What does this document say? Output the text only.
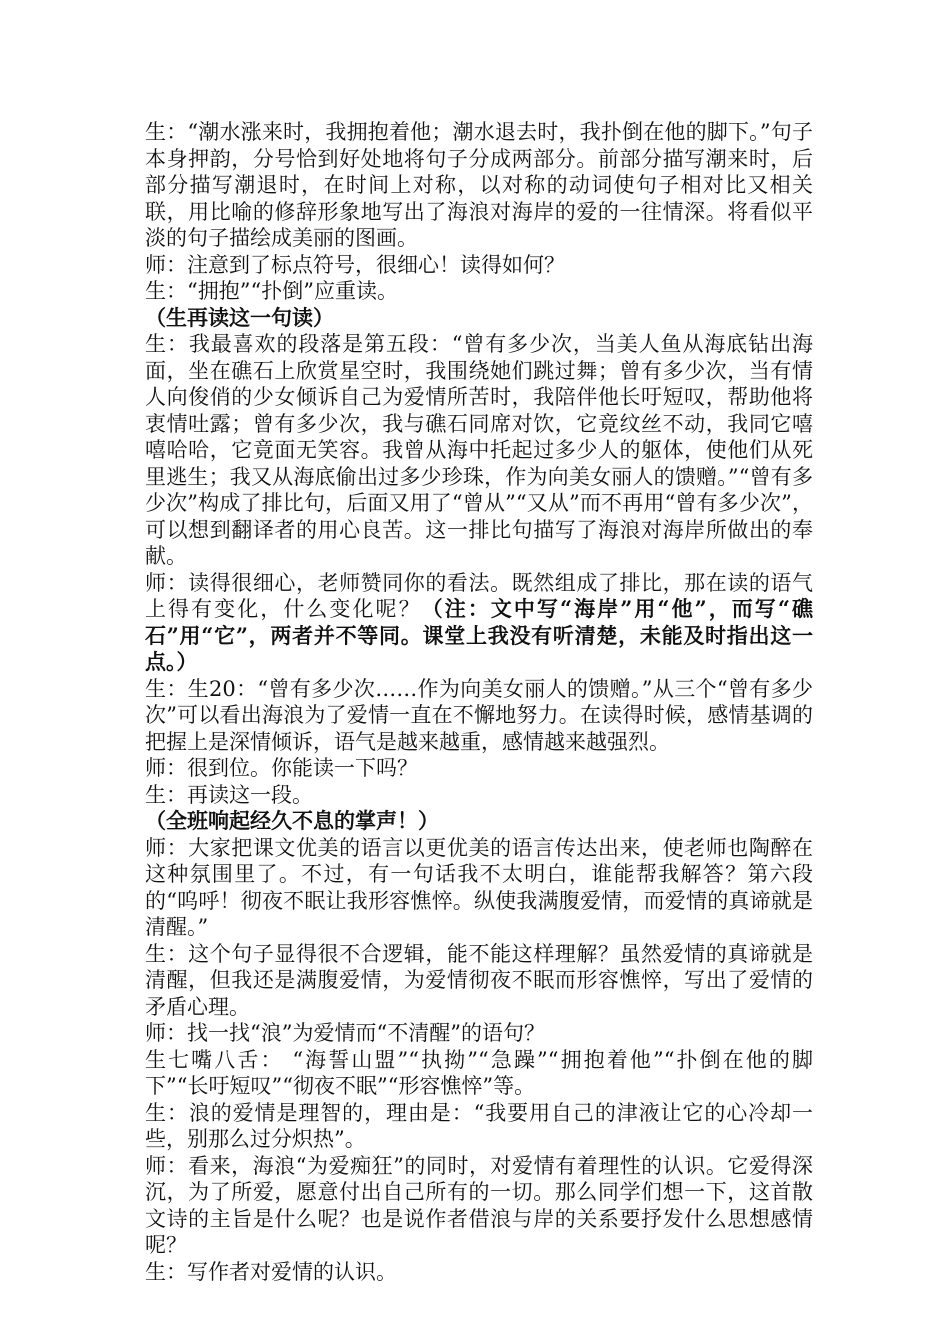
生：“潮水涨来时，我拥抱着他；潮水退去时，我扑倒在他的脚下。”句子本身押韵，分号恰到好处地将句子分成两部分。前部分描写潮来时，后部分描写潮退时，在时间上对称，以对称的动词使句子相对比又相关联，用比喻的修辞形象地写出了海浪对海岸的爱的一往情深。将看似平淡的句子描绘成美丽的图画。

师：注意到了标点符号，很细心！读得如何？

生：“拥抱”“扑倒”应重读。

（生再读这一句读）

生：我最喜欢的段落是第五段：“曾有多少次，当美人鱼从海底钻出海面，坐在礁石上欣赏星空时，我围绕她们跳过舞；曾有多少次，当有情人向俊俏的少女倾诉自己为爱情所苦时，我陪伴他长吁短叹，帮助他将衷情吐露；曾有多少次，我与礁石同席对饮，它竟纹丝不动，我同它嘻嘻哈哈，它竟面无笑容。我曾从海中托起过多少人的躯体，使他们从死里逃生；我又从海底偷出过多少珍珠，作为向美女丽人的馈赠。”“曾有多少次”构成了排比句，后面又用了“曾从”“又从”而不再用“曾有多少次”，可以想到翻译者的用心良苦。这一排比句描写了海浪对海岸所做出的奉献。

师：读得很细心，老师赞同你的看法。既然组成了排比，那在读的语气上得有变化，什么变化呢？（注：文中写“海岸”用“他”，而写“礁石”用“它”，两者并不等同。课堂上我没有听清楚，未能及时指出这一点。）

生：生20：“曾有多少次……作为向美女丽人的馈赠。”从三个“曾有多少次”可以看出海浪为了爱情一直在不懈地努力。在读得时候，感情基调的把握上是深情倾诉，语气是越来越重，感情越来越强烈。

师：很到位。你能读一下吗？

生：再读这一段。

（全班响起经久不息的掌声！）

师：大家把课文优美的语言以更优美的语言传达出来，使老师也陶醉在这种氛围里了。不过，有一句话我不太明白，谁能帮我解答？第六段的“呜呼！彻夜不眠让我形容憔悴。纵使我满腹爱情，而爱情的真谛就是清醒。”

生：这个句子显得很不合逻辑，能不能这样理解？虽然爱情的真谛就是清醒，但我还是满腹爱情，为爱情彻夜不眠而形容憔悴，写出了爱情的矛盾心理。

师：找一找“浪”为爱情而“不清醒”的语句？

生七嘴八舌： “海誓山盟”“执拗”“急躁”“拥抱着他”“扑倒在他的脚下”“长吁短叹”“彻夜不眠”“形容憔悴”等。

生：浪的爱情是理智的，理由是：“我要用自己的津液让它的心冷却一些，别那么过分炽热”。

师：看来，海浪“为爱痴狂”的同时，对爱情有着理性的认识。它爱得深沉，为了所爱，愿意付出自己所有的一切。那么同学们想一下，这首散文诗的主旨是什么呢？也是说作者借浪与岸的关系要抒发什么思想感情呢？

生：写作者对爱情的认识。
